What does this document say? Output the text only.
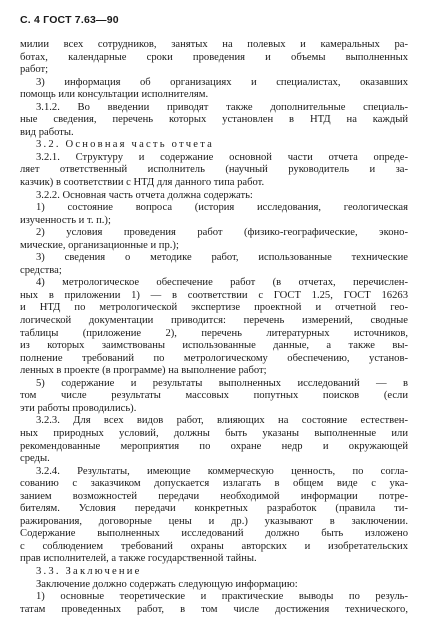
С. 4 ГОСТ 7.63—90
милии всех сотрудников, занятых на полевых и камеральных ра-
ботах, календарные сроки проведения и объемы выполненных
работ;
3) информация об организациях и специалистах, оказавших
помощь или консультации исполнителям.
3.1.2. Во введении приводят также дополнительные специаль-
ные сведения, перечень которых установлен в НТД на каждый
вид работы.
3.2. Основная часть отчета
3.2.1. Структуру и содержание основной части отчета опреде-
ляет ответственный исполнитель (научный руководитель и за-
казчик) в соответствии с НТД для данного типа работ.
3.2.2. Основная часть отчета должна содержать:
1) состояние вопроса (история исследования, геологическая
изученность и т. п.);
2) условия проведения работ (физико-географические, эконо-
мические, организационные и пр.);
3) сведения о методике работ, использованные технические
средства;
4) метрологическое обеспечение работ (в отчетах, перечислен-
ных в приложении 1) — в соответствии с ГОСТ 1.25, ГОСТ 16263
и НТД по метрологической экспертизе проектной и отчетной гео-
логической документации приводится: перечень измерений, сводные
таблицы (приложение 2), перечень литературных источников,
из которых заимствованы использованные данные, а также вы-
полнение требований по метрологическому обеспечению, установ-
ленных в проекте (в программе) на выполнение работ;
5) содержание и результаты выполненных исследований — в
том числе результаты массовых попутных поисков (если
эти работы проводились).
3.2.3. Для всех видов работ, влияющих на состояние естествен-
ных природных условий, должны быть указаны выполненные или
рекомендованные мероприятия по охране недр и окружающей
среды.
3.2.4. Результаты, имеющие коммерческую ценность, по согла-
сованию с заказчиком допускается излагать в общем виде с ука-
занием возможностей передачи необходимой информации потре-
бителям. Условия передачи конкретных разработок (правила ти-
ражирования, договорные цены и др.) указывают в заключении.
Содержание выполненных исследований должно быть изложено
с соблюдением требований охраны авторских и изобретательских
прав исполнителей, а также государственной тайны.
3.3. Заключение
Заключение должно содержать следующую информацию:
1) основные теоретические и практические выводы по резуль-
татам проведенных работ, в том числе достижения технического,
